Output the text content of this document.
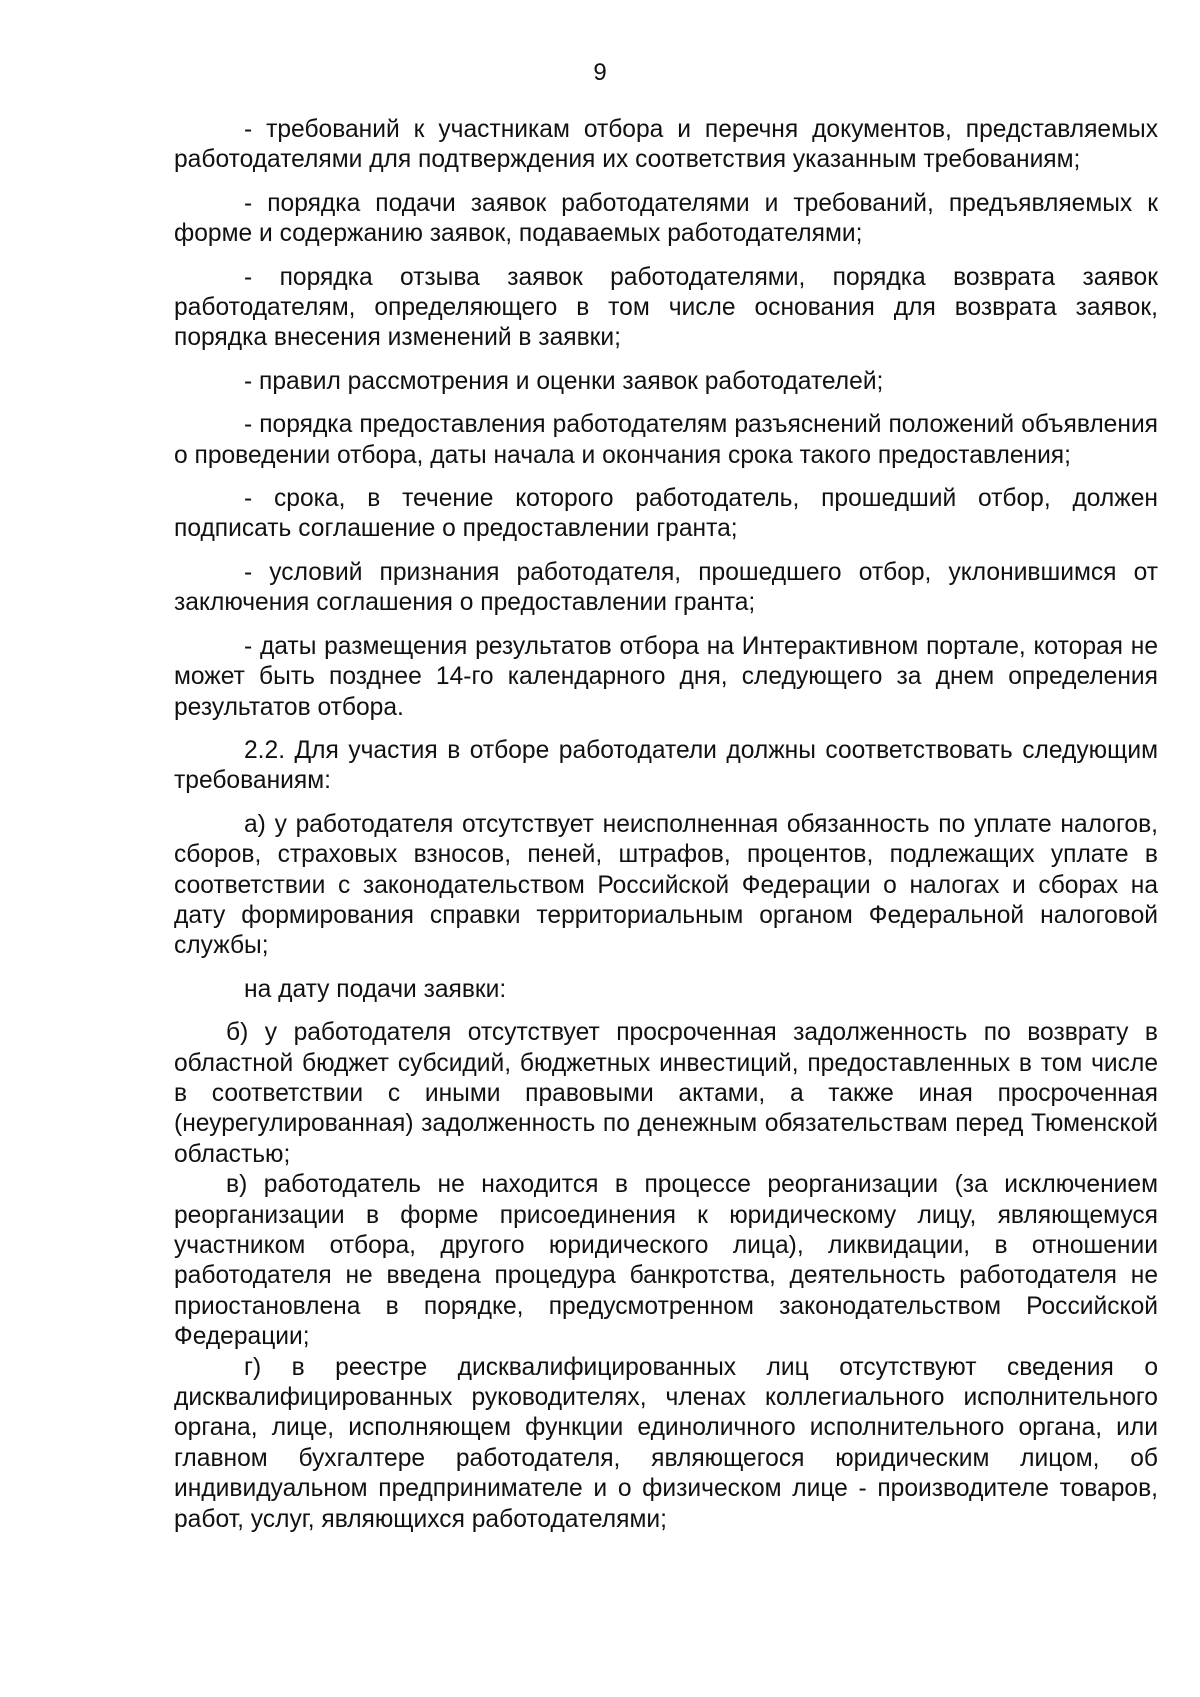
9

- требований к участникам отбора и перечня документов, представляемых работодателями для подтверждения их соответствия указанным требованиям;

- порядка подачи заявок работодателями и требований, предъявляемых к форме и содержанию заявок, подаваемых работодателями;

- порядка отзыва заявок работодателями, порядка возврата заявок работодателям, определяющего в том числе основания для возврата заявок, порядка внесения изменений в заявки;

- правил рассмотрения и оценки заявок работодателей;

- порядка предоставления работодателям разъяснений положений объявления о проведении отбора, даты начала и окончания срока такого предоставления;

- срока, в течение которого работодатель, прошедший отбор, должен подписать соглашение о предоставлении гранта;

- условий признания работодателя, прошедшего отбор, уклонившимся от заключения соглашения о предоставлении гранта;

- даты размещения результатов отбора на Интерактивном портале, которая не может быть позднее 14-го календарного дня, следующего за днем определения результатов отбора.

2.2. Для участия в отборе работодатели должны соответствовать следующим требованиям:

а) у работодателя отсутствует неисполненная обязанность по уплате налогов, сборов, страховых взносов, пеней, штрафов, процентов, подлежащих уплате в соответствии с законодательством Российской Федерации о налогах и сборах на дату формирования справки территориальным органом Федеральной налоговой службы;

на дату подачи заявки:

б) у работодателя отсутствует просроченная задолженность по возврату в областной бюджет субсидий, бюджетных инвестиций, предоставленных в том числе в соответствии с иными правовыми актами, а также иная просроченная (неурегулированная) задолженность по денежным обязательствам перед Тюменской областью;

в) работодатель не находится в процессе реорганизации (за исключением реорганизации в форме присоединения к юридическому лицу, являющемуся участником отбора, другого юридического лица), ликвидации, в отношении работодателя не введена процедура банкротства, деятельность работодателя не приостановлена в порядке, предусмотренном законодательством Российской Федерации;

г) в реестре дисквалифицированных лиц отсутствуют сведения о дисквалифицированных руководителях, членах коллегиального исполнительного органа, лице, исполняющем функции единоличного исполнительного органа, или главном бухгалтере работодателя, являющегося юридическим лицом, об индивидуальном предпринимателе и о физическом лице - производителе товаров, работ, услуг, являющихся работодателями;
